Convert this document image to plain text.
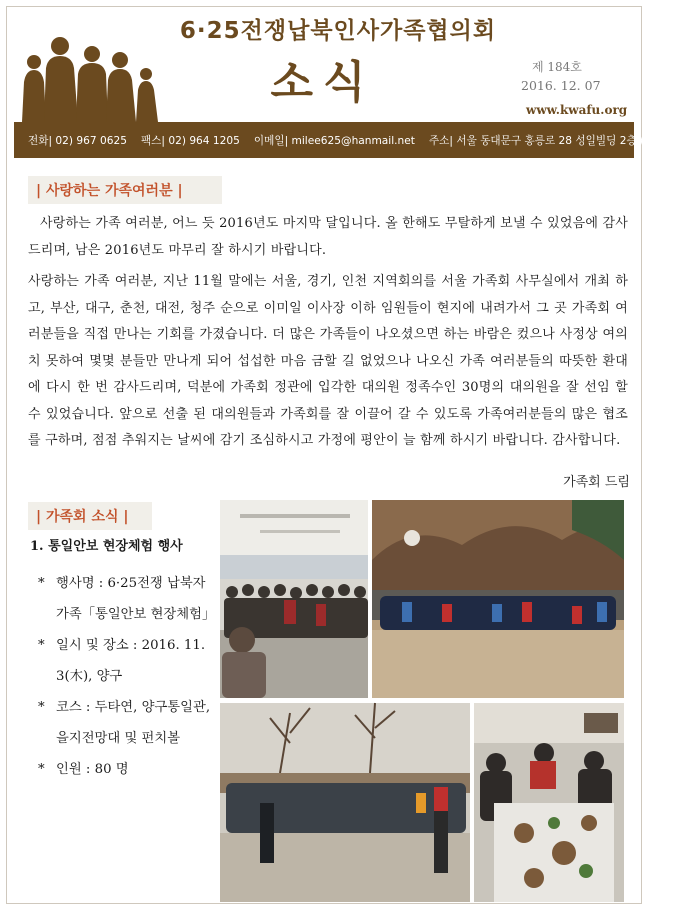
6·25전쟁납북인사가족협의회
소식	제 184호
2016. 12. 07
www.kwafu.org
전화| 02) 967 0625 팩스| 02) 964 1205 이메일| milee625@hanmail.net 주소| 서울 동대문구 홍릉로 28 성일빌딩 2층 (02490)
| 사랑하는 가족여러분 |
사랑하는 가족 여러분, 어느 듯 2016년도 마지막 달입니다. 올 한해도 무탈하게 보낼 수 있었음에 감사드리며, 남은 2016년도 마무리 잘 하시기 바랍니다.
사랑하는 가족 여러분, 지난 11월 말에는 서울, 경기, 인천 지역회의를 서울 가족회 사무실에서 개최 하고, 부산, 대구, 춘천, 대전, 청주 순으로 이미일 이사장 이하 임원들이 현지에 내려가서 그 곳 가족회 여러분들을 직접 만나는 기회를 가졌습니다. 더 많은 가족들이 나오셨으면 하는 바람은 컸으나 사정상 여의치 못하여 몇몇 분들만 만나게 되어 섭섭한 마음 금할 길 없었으나 나오신 가족 여러분들의 따뜻한 환대에 다시 한 번 감사드리며, 덕분에 가족회 정관에 입각한 대의원 정족수인 30명의 대의원을 잘 선임 할 수 있었습니다. 앞으로 선출 된 대의원들과 가족회를 잘 이끌어 갈 수 있도록 가족여러분들의 많은 협조를 구하며, 점점 추워지는 날씨에 감기 조심하시고 가정에 평안이 늘 함께 하시기 바랍니다. 감사합니다.
가족회 드림
| 가족회 소식 |
1. 통일안보 현장체험 행사
* 행사명 : 6·25전쟁 납북자가족「통일안보 현장체험」
* 일시 및 장소 : 2016. 11. 3(木), 양구
* 코스 : 두타연, 양구통일관, 을지전망대 및 펀치볼
* 인원 : 80 명
